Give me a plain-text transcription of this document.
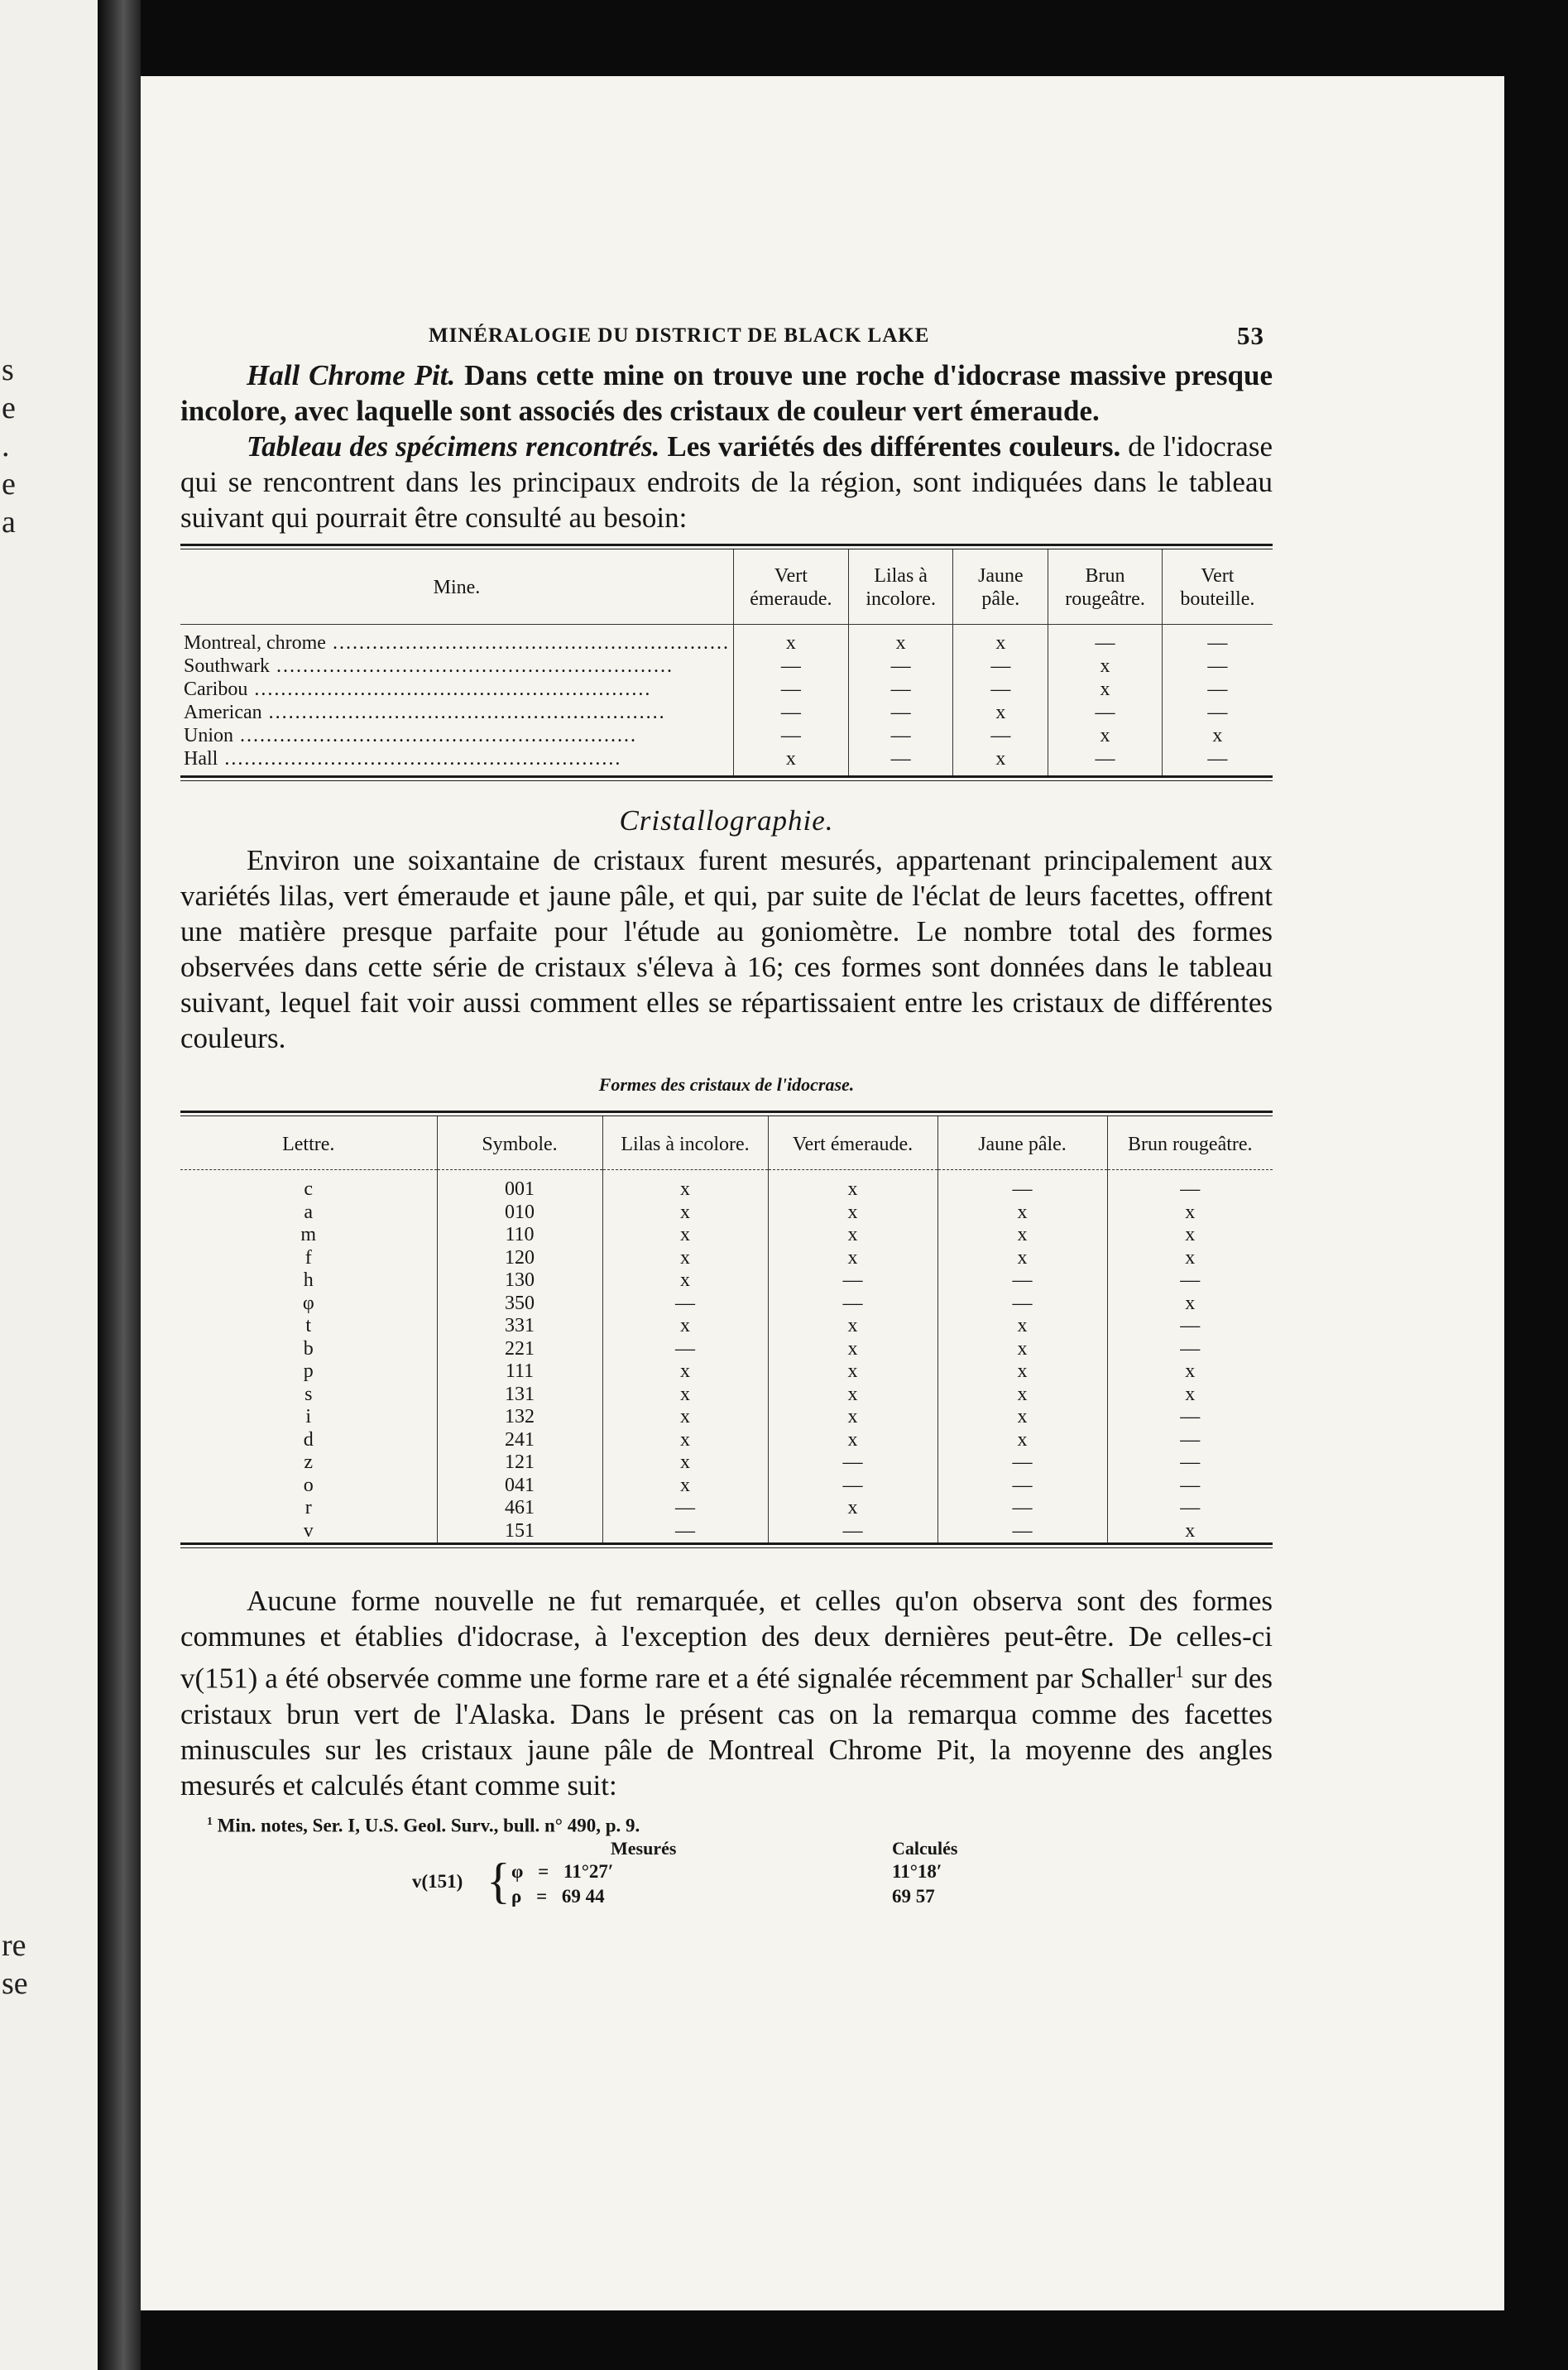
s
e
.
e
a
re
se
MINÉRALOGIE DU DISTRICT DE BLACK LAKE	53

Hall Chrome Pit. Dans cette mine on trouve une roche d'idocrase massive presque incolore, avec laquelle sont associés des cristaux de couleur vert émeraude.

Tableau des spécimens rencontrés. Les variétés des différentes couleurs. de l'idocrase qui se rencontrent dans les principaux endroits de la région, sont indiquées dans le tableau suivant qui pourrait être consulté au besoin:

Mine.	Vert émeraude.	Lilas à incolore.	Jaune pâle.	Brun rougeâtre.	Vert bouteille.
Montreal, chrome ............................................................	x	x	x	—	—
Southwark ............................................................	—	—	—	x	—
Caribou ............................................................	—	—	—	x	—
American ............................................................	—	—	x	—	—
Union ............................................................	—	—	—	x	x
Hall ............................................................	x	—	x	—	—
Cristallographie.

Environ une soixantaine de cristaux furent mesurés, appartenant principalement aux variétés lilas, vert émeraude et jaune pâle, et qui, par suite de l'éclat de leurs facettes, offrent une matière presque parfaite pour l'étude au goniomètre. Le nombre total des formes observées dans cette série de cristaux s'éleva à 16; ces formes sont données dans le tableau suivant, lequel fait voir aussi comment elles se répartissaient entre les cristaux de différentes couleurs.

Formes des cristaux de l'idocrase.
Lettre.	Symbole.	Lilas à incolore.	Vert émeraude.	Jaune pâle.	Brun rougeâtre.
c	001	x	x	—	—
a	010	x	x	x	x
m	110	x	x	x	x
f	120	x	x	x	x
h	130	x	—	—	—
φ	350	—	—	—	x
t	331	x	x	x	—
b	221	—	x	x	—
p	111	x	x	x	x
s	131	x	x	x	x
i	132	x	x	x	—
d	241	x	x	x	—
z	121	x	—	—	—
o	041	x	—	—	—
r	461	—	x	—	—
v	151	—	—	—	x

Aucune forme nouvelle ne fut remarquée, et celles qu'on observa sont des formes communes et établies d'idocrase, à l'exception des deux dernières peut-être. De celles-ci v(151) a été observée comme une forme rare et a été signalée récemment par Schaller$^1$ sur des cristaux brun vert de l'Alaska. Dans le présent cas on la remarqua comme des facettes minuscules sur les cristaux jaune pâle de Montreal Chrome Pit, la moyenne des angles mesurés et calculés étant comme suit:

$^1$ Min. notes, Ser. I, U.S. Geol. Surv., bull. n° 490, p. 9.
Mesurés	Calculés
v(151) { φ = 11°27′	11°18′
ρ = 69 44	69 57
